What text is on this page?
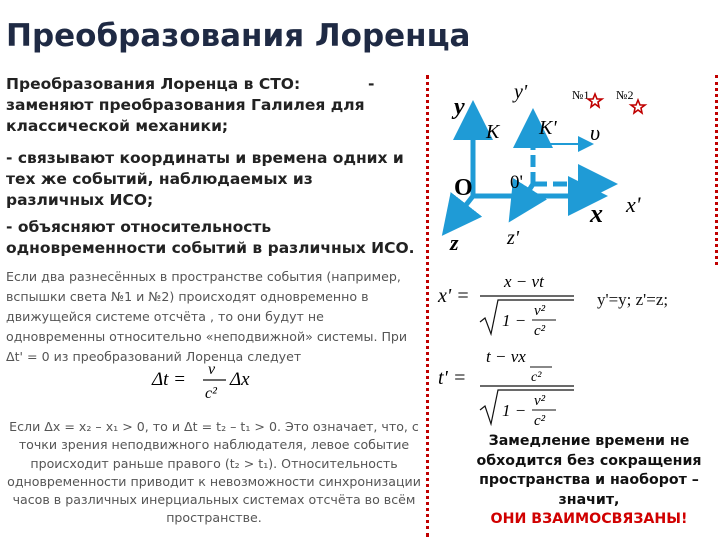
Преобразования Лоренца
Преобразования Лоренца в СТО:	-
заменяют преобразования Галилея для классической механики;
- связывают координаты и времена одних и тех же событий, наблюдаемых из различных ИСО;
- объясняют относительность одновременности событий в различных ИСО.
Если два разнесённых в пространстве события (например, вспышки света №1 и №2) происходят одновременно в движущейся системе отсчёта , то они будут не одновременны относительно «неподвижной» системы. При Δt' = 0 из преобразований Лоренца следует
Δt = v
c²
Δx
Если Δx = x₂ – x₁ > 0, то и Δt = t₂ – t₁ > 0. Это означает, что, с точки зрения неподвижного наблюдателя, левое событие происходит раньше правого (t₂ > t₁). Относительность одновременности приводит к невозможности синхронизации часов в различных инерциальных системах отсчёта во всём пространстве.
y
y'
K K' υ
O 0'
x x'
z z'
№1 №2
x' =
x − vt
1 − v²
c²
t' =
t − vx
c²
1 − v²
c²
y'=y; z'=z;
Замедление времени не обходится без сокращения пространства и наоборот – значит,
ОНИ ВЗАИМОСВЯЗАНЫ!
